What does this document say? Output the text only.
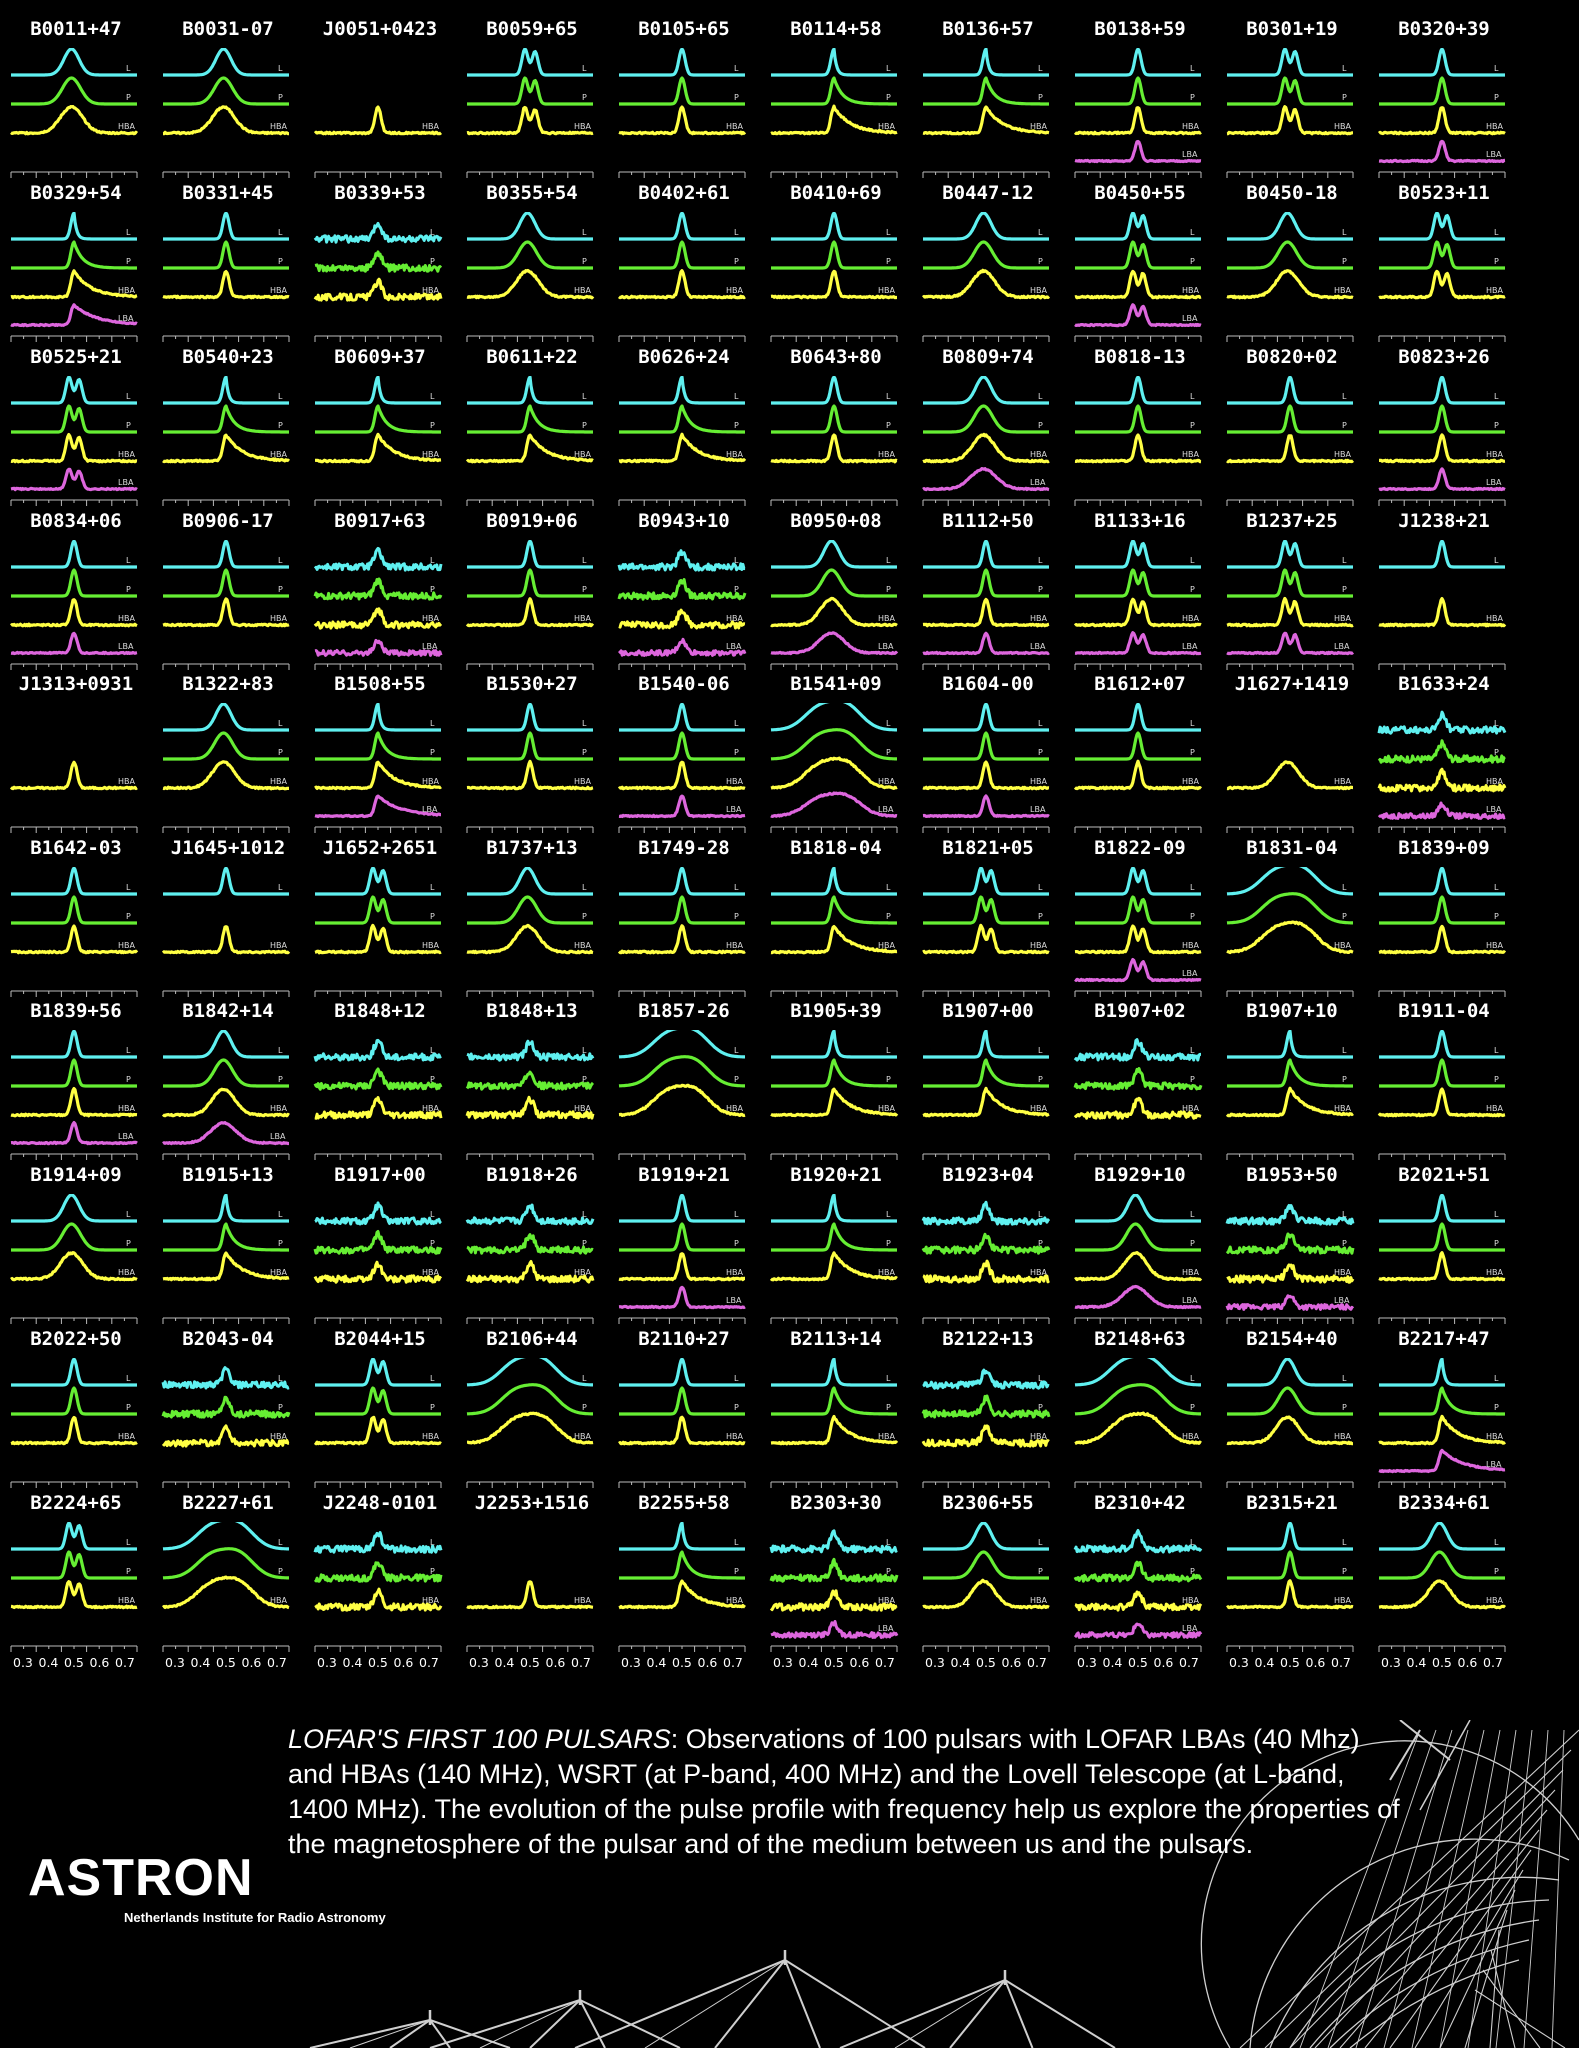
B0011+47
L
P
HBA
B0031-07
L
P
HBA
J0051+0423
HBA
B0059+65
L
P
HBA
B0105+65
L
P
HBA
B0114+58
L
P
HBA
B0136+57
L
P
HBA
B0138+59
L
P
HBA
LBA
B0301+19
L
P
HBA
B0320+39
L
P
HBA
LBA
B0329+54
L
P
HBA
LBA
B0331+45
L
P
HBA
B0339+53
L
P
HBA
B0355+54
L
P
HBA
B0402+61
L
P
HBA
B0410+69
L
P
HBA
B0447-12
L
P
HBA
B0450+55
L
P
HBA
LBA
B0450-18
L
P
HBA
B0523+11
L
P
HBA
B0525+21
L
P
HBA
LBA
B0540+23
L
P
HBA
B0609+37
L
P
HBA
B0611+22
L
P
HBA
B0626+24
L
P
HBA
B0643+80
L
P
HBA
B0809+74
L
P
HBA
LBA
B0818-13
L
P
HBA
B0820+02
L
P
HBA
B0823+26
L
P
HBA
LBA
B0834+06
L
P
HBA
LBA
B0906-17
L
P
HBA
B0917+63
L
P
HBA
LBA
B0919+06
L
P
HBA
B0943+10
L
P
HBA
LBA
B0950+08
L
P
HBA
LBA
B1112+50
L
P
HBA
LBA
B1133+16
L
P
HBA
LBA
B1237+25
L
P
HBA
LBA
J1238+21
L
HBA
J1313+0931
HBA
B1322+83
L
P
HBA
B1508+55
L
P
HBA
LBA
B1530+27
L
P
HBA
B1540-06
L
P
HBA
LBA
B1541+09
L
P
HBA
LBA
B1604-00
L
P
HBA
LBA
B1612+07
L
P
HBA
J1627+1419
HBA
B1633+24
L
P
HBA
LBA
B1642-03
L
P
HBA
J1645+1012
L
HBA
J1652+2651
L
P
HBA
B1737+13
L
P
HBA
B1749-28
L
P
HBA
B1818-04
L
P
HBA
B1821+05
L
P
HBA
B1822-09
L
P
HBA
LBA
B1831-04
L
P
HBA
B1839+09
L
P
HBA
B1839+56
L
P
HBA
LBA
B1842+14
L
P
HBA
LBA
B1848+12
L
P
HBA
B1848+13
L
P
HBA
B1857-26
L
P
HBA
B1905+39
L
P
HBA
B1907+00
L
P
HBA
B1907+02
L
P
HBA
B1907+10
L
P
HBA
B1911-04
L
P
HBA
B1914+09
L
P
HBA
B1915+13
L
P
HBA
B1917+00
L
P
HBA
B1918+26
L
P
HBA
B1919+21
L
P
HBA
LBA
B1920+21
L
P
HBA
B1923+04
L
P
HBA
B1929+10
L
P
HBA
LBA
B1953+50
L
P
HBA
LBA
B2021+51
L
P
HBA
B2022+50
L
P
HBA
B2043-04
L
P
HBA
B2044+15
L
P
HBA
B2106+44
L
P
HBA
B2110+27
L
P
HBA
B2113+14
L
P
HBA
B2122+13
L
P
HBA
B2148+63
L
P
HBA
B2154+40
L
P
HBA
B2217+47
L
P
HBA
LBA
B2224+65
L
P
HBA
B2227+61
L
P
HBA
J2248-0101
L
P
HBA
J2253+1516
HBA
B2255+58
L
P
HBA
B2303+30
L
P
HBA
LBA
B2306+55
L
P
HBA
B2310+42
L
P
HBA
LBA
B2315+21
L
P
HBA
B2334+61
L
P
HBA
0.3 0.4 0.5 0.6 0.7 0.3 0.4 0.5 0.6 0.7 0.3 0.4 0.5 0.6 0.7 0.3 0.4 0.5 0.6 0.7 0.3 0.4 0.5 0.6 0.7 0.3 0.4 0.5 0.6 0.7 0.3 0.4 0.5 0.6 0.7 0.3 0.4 0.5 0.6 0.7 0.3 0.4 0.5 0.6 0.7 0.3 0.4 0.5 0.6 0.7
LOFAR'S FIRST 100 PULSARS: Observations of 100 pulsars with LOFAR LBAs (40 Mhz) and HBAs (140 MHz), WSRT (at P-band, 400 MHz) and the Lovell Telescope (at L-band, 1400 MHz). The evolution of the pulse profile with frequency help us explore the properties of the magnetosphere of the pulsar and of the medium between us and the pulsars.
ASTRON
Netherlands Institute for Radio Astronomy
